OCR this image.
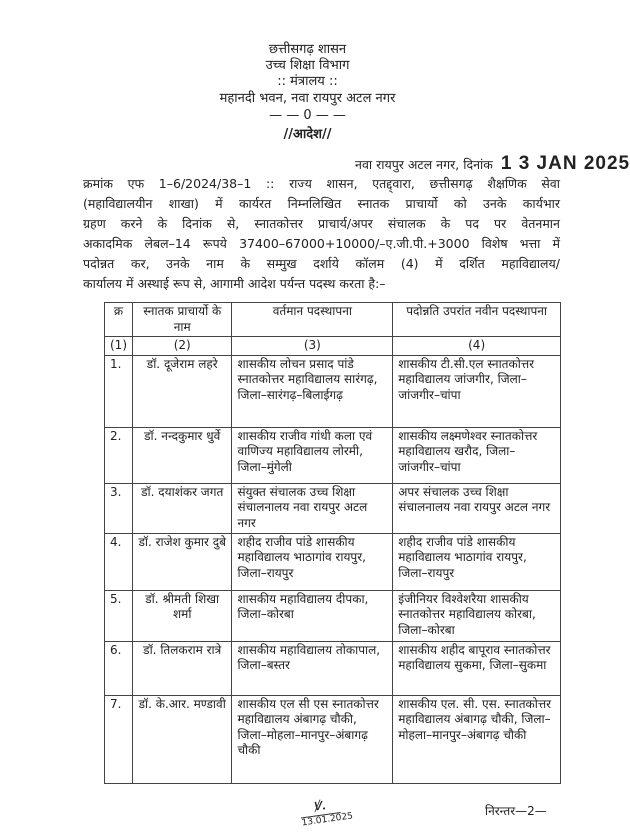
छत्तीसगढ़ शासन
उच्च शिक्षा विभाग
:: मंत्रालय ::
महानदी भवन, नवा रायपुर अटल नगर
— — 0 — —
//आदेश//
नवा रायपुर अटल नगर, दिनांक 1 3 JAN 2025
क्रमांक एफ 1–6/2024/38–1 :: राज्य शासन, एतद्द्वारा, छत्तीसगढ़ शैक्षणिक सेवा
(महाविद्यालयीन शाखा) में कार्यरत निम्नलिखित स्नातक प्राचार्यो को उनके कार्यभार
ग्रहण करने के दिनांक से, स्नातकोत्तर प्राचार्य/अपर संचालक के पद पर वेतनमान
अकादमिक लेबल–14 रूपये 37400–67000+10000/–ए.जी.पी.+3000 विशेष भत्ता में
पदोन्नत कर, उनके नाम के सम्मुख दर्शाये कॉलम (4) में दर्शित महाविद्यालय/
कार्यालय में अस्थाई रूप से, आगामी आदेश पर्यन्त पदस्थ करता है:–
क्र	स्नातक प्राचार्यो के नाम	वर्तमान पदस्थापना	पदोन्नति उपरांत नवीन पदस्थापना
(1)	(2)	(3)	(4)
1.	डॉ. दूजेराम लहरे	शासकीय लोचन प्रसाद पांडे स्नातकोत्तर महाविद्यालय सारंगढ़, जिला–सारंगढ़–बिलाईगढ़	शासकीय टी.सी.एल स्नातकोत्तर महाविद्यालय जांजगीर, जिला–जांजगीर–चांपा
2.	डॉ. नन्दकुमार धुर्वे	शासकीय राजीव गांधी कला एवं वाणिज्य महाविद्यालय लोरमी, जिला–मुंगेली	शासकीय लक्ष्मणेश्वर स्नातकोत्तर महाविद्यालय खरौद, जिला–जांजगीर–चांपा
3.	डॉ. दयाशंकर जगत	संयुक्त संचालक उच्च शिक्षा संचालनालय नवा रायपुर अटल नगर	अपर संचालक उच्च शिक्षा संचालनालय नवा रायपुर अटल नगर
4.	डॉ. राजेश कुमार दुबे	शहीद राजीव पांडे शासकीय महाविद्यालय भाठागांव रायपुर, जिला–रायपुर	शहीद राजीव पांडे शासकीय महाविद्यालय भाठागांव रायपुर, जिला–रायपुर
5.	डॉ. श्रीमती शिखा शर्मा	शासकीय महाविद्यालय दीपका, जिला–कोरबा	इंजीनियर विश्वेशरैया शासकीय स्नातकोत्तर महाविद्यालय कोरबा, जिला–कोरबा
6.	डॉ. तिलकराम रात्रे	शासकीय महाविद्यालय तोकापाल, जिला–बस्तर	शासकीय शहीद बापूराव स्नातकोत्तर महाविद्यालय सुकमा, जिला–सुकमा
7.	डॉ. के.आर. मण्डावी	शासकीय एल सी एस स्नातकोत्तर महाविद्यालय अंबागढ़ चौकी, जिला–मोहला–मानपुर–अंबागढ़ चौकी	शासकीय एल. सी. एस. स्नातकोत्तर महाविद्यालय अंबागढ़ चौकी, जिला–मोहला–मानपुर–अंबागढ़ चौकी
ꝟ.
13.01.2025
निरन्तर—2—
